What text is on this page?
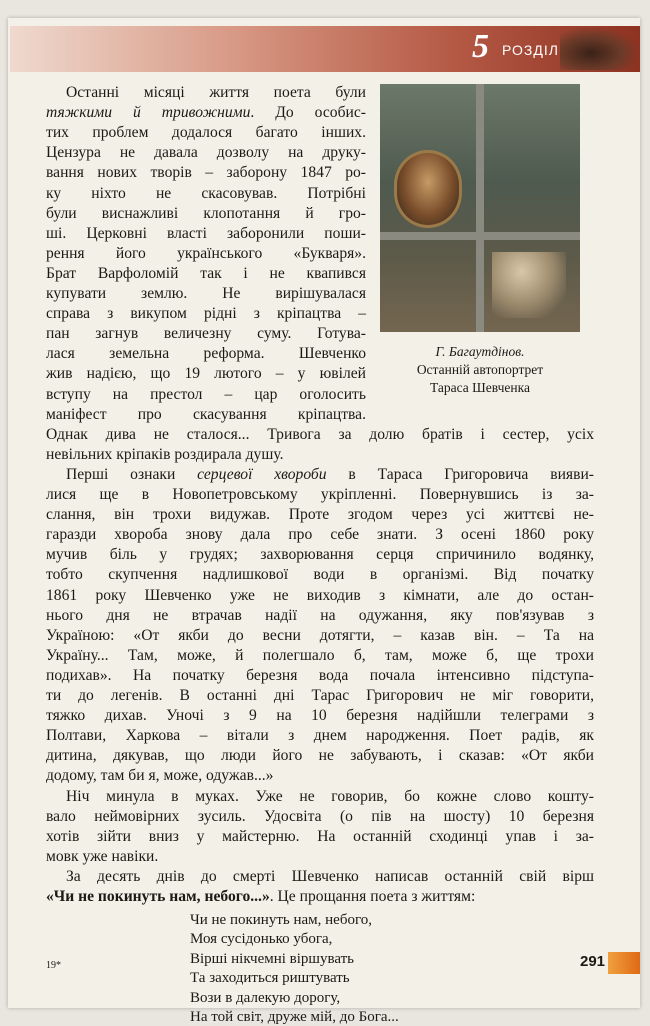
5 РОЗДІЛ
Г. Багаутдінов.
Останній автопортрет
Тараса Шевченка
Останні місяці життя поета були
тяжкими й тривожними. До особис-
тих проблем додалося багато інших.
Цензура не давала дозволу на друку-
вання нових творів – заборону 1847 ро-
ку ніхто не скасовував. Потрібні
були виснажливі клопотання й гро-
ші. Церковні власті заборонили поши-
рення його українського «Букваря».
Брат Варфоломій так і не квапився
купувати землю. Не вирішувалася
справа з викупом рідні з кріпацтва –
пан загнув величезну суму. Готува-
лася земельна реформа. Шевченко
жив надією, що 19 лютого – у ювілей
вступу на престол – цар оголосить
маніфест про скасування кріпацтва.
Однак дива не сталося... Тривога за долю братів і сестер, усіх
невільних кріпаків роздирала душу.
Перші ознаки серцевої хвороби в Тараса Григоровича вияви-
лися ще в Новопетровському укріпленні. Повернувшись із за-
слання, він трохи видужав. Проте згодом через усі життєві не-
гаразди хвороба знову дала про себе знати. З осені 1860 року
мучив біль у грудях; захворювання серця спричинило водянку,
тобто скупчення надлишкової води в організмі. Від початку
1861 року Шевченко уже не виходив з кімнати, але до остан-
нього дня не втрачав надії на одужання, яку пов'язував з
Україною: «От якби до весни дотягти, – казав він. – Та на
Україну... Там, може, й полегшало б, там, може б, ще трохи
подихав». На початку березня вода почала інтенсивно підступа-
ти до легенів. В останні дні Тарас Григорович не міг говорити,
тяжко дихав. Уночі з 9 на 10 березня надійшли телеграми з
Полтави, Харкова – вітали з днем народження. Поет радів, як
дитина, дякував, що люди його не забувають, і сказав: «От якби
додому, там би я, може, одужав...»
Ніч минула в муках. Уже не говорив, бо кожне слово кошту-
вало неймовірних зусиль. Удосвіта (о пів на шосту) 10 березня
хотів зійти вниз у майстерню. На останній сходинці упав і за-
мовк уже навіки.
За десять днів до смерті Шевченко написав останній свій вірш
«Чи не покинуть нам, небого...». Це прощання поета з життям:
Чи не покинуть нам, небого,
Моя сусідонько убога,
Вірші нікчемні віршувать
Та заходиться риштувать
Вози в далекую дорогу,
На той світ, друже мій, до Бога...
19*	291
